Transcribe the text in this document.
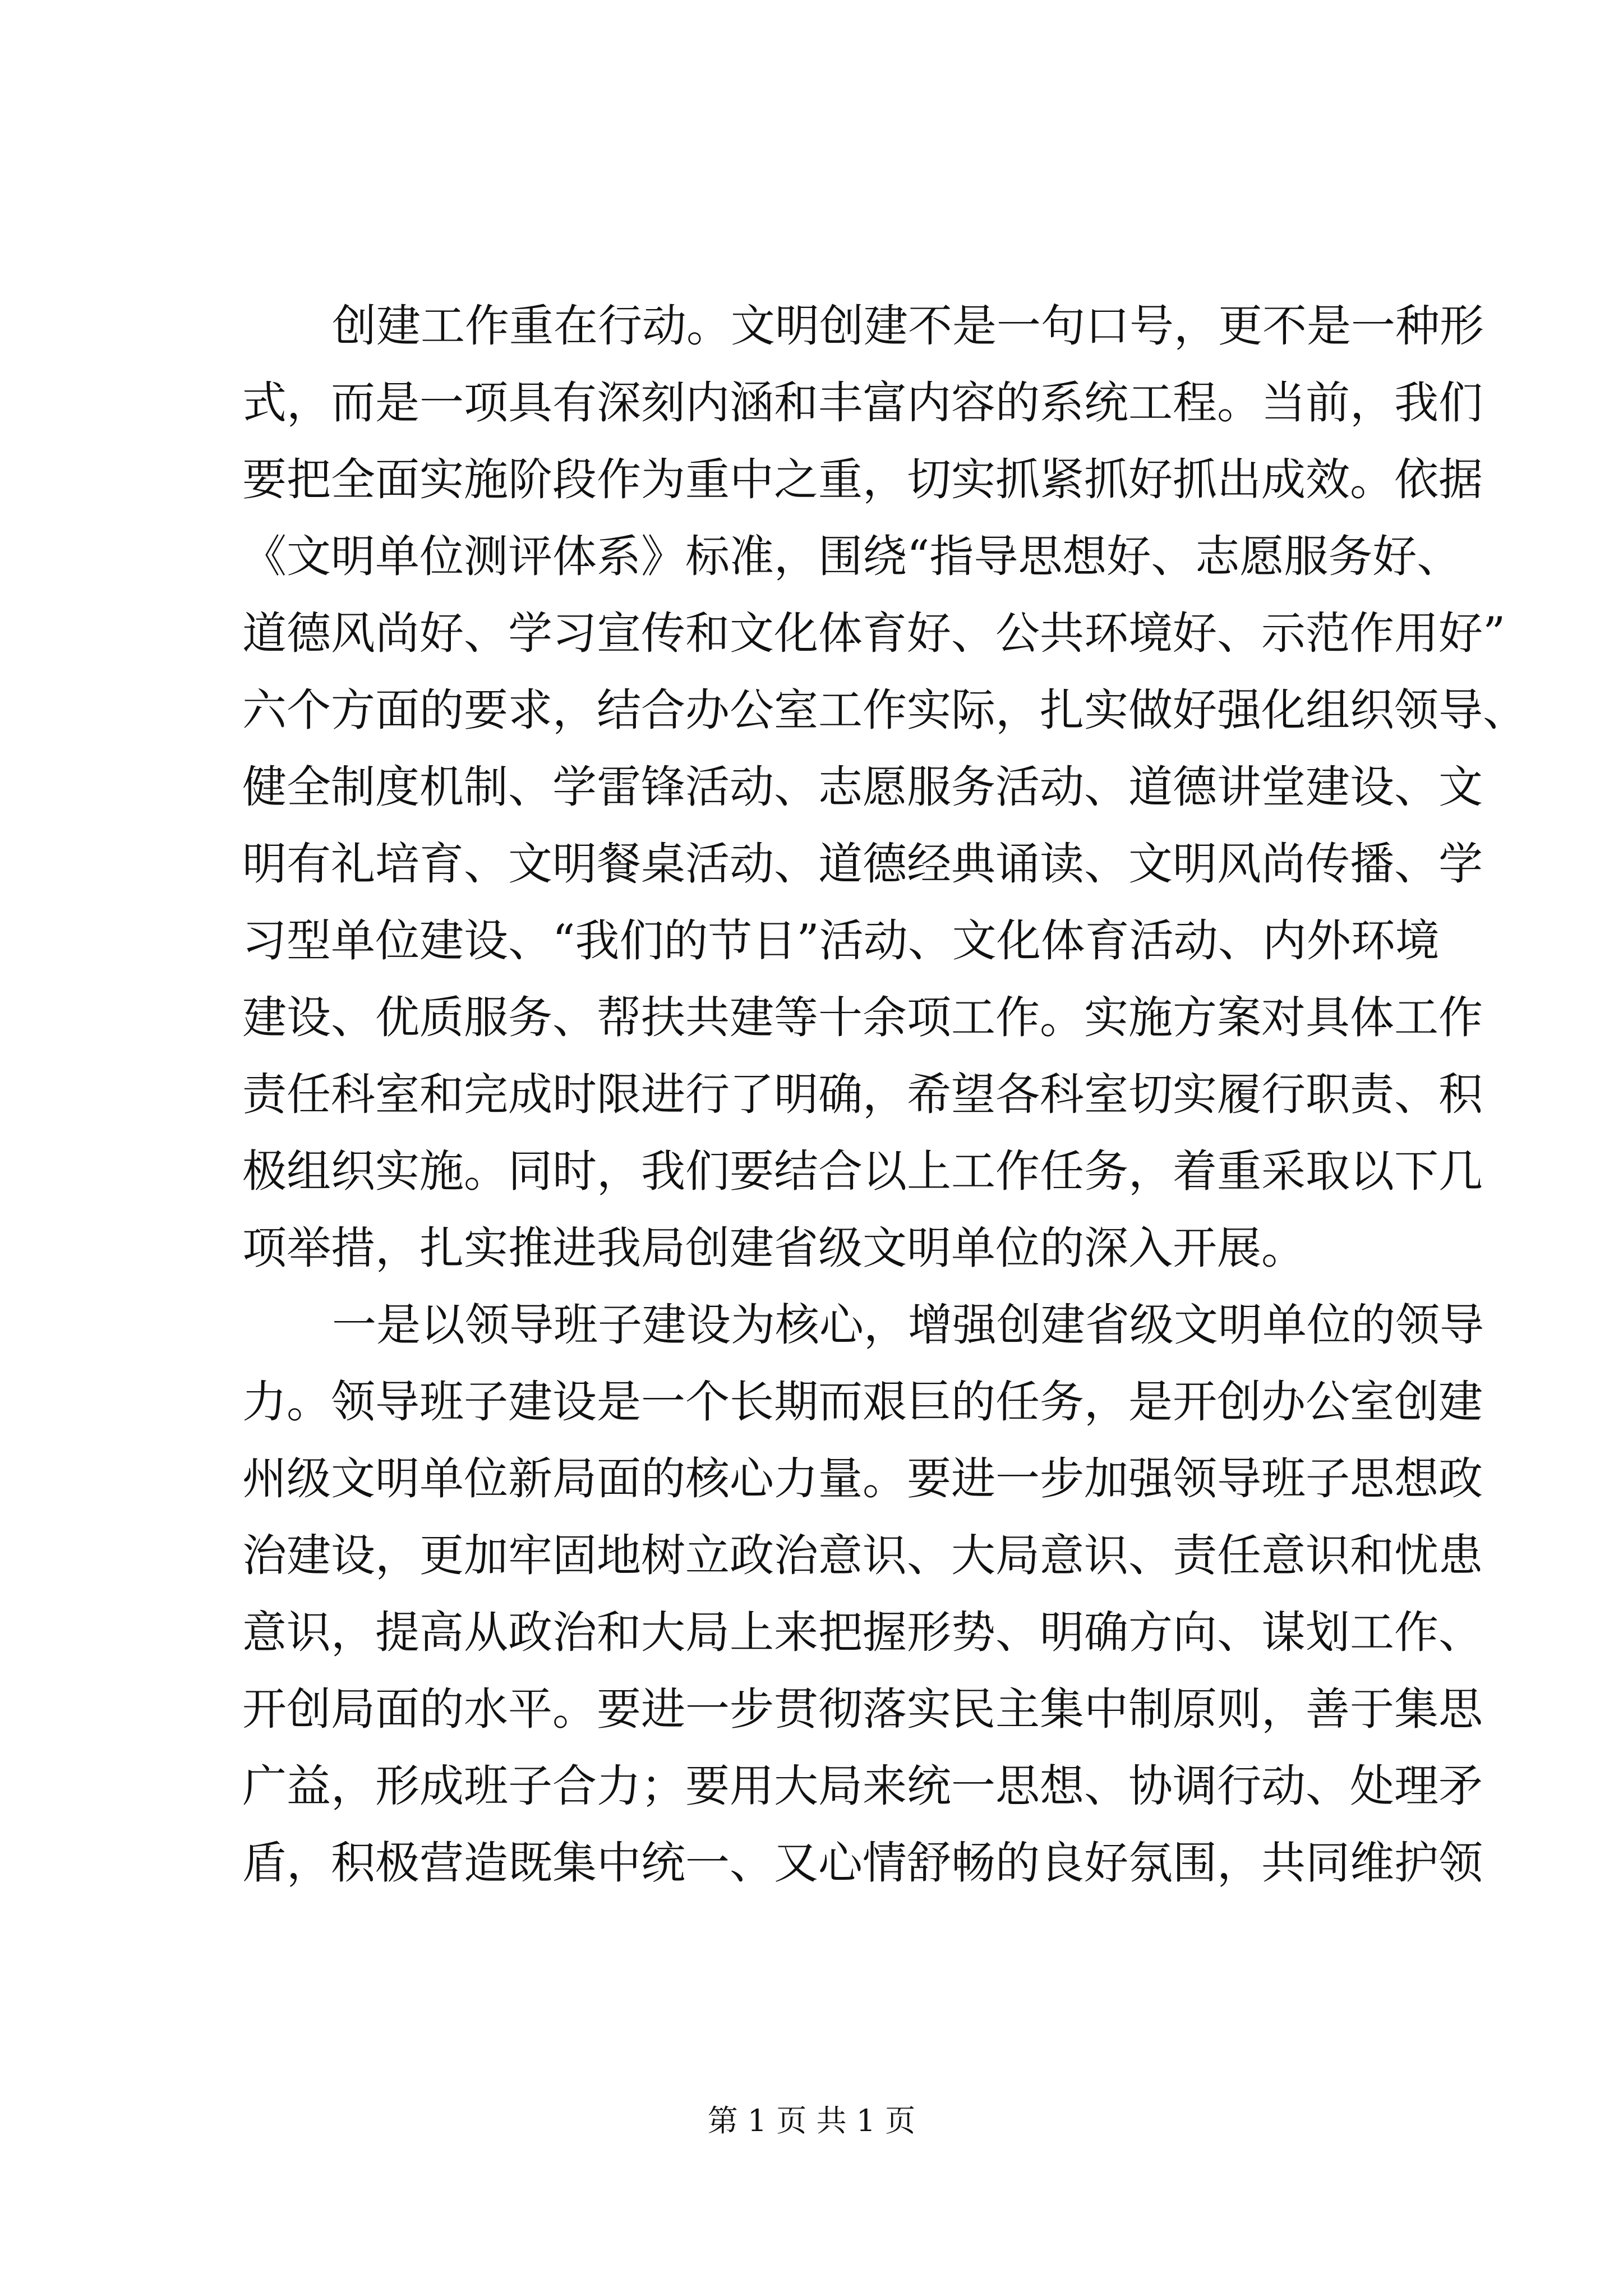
创建工作重在行动。文明创建不是一句口号，更不是一种形
式，而是一项具有深刻内涵和丰富内容的系统工程。当前，我们
要把全面实施阶段作为重中之重，切实抓紧抓好抓出成效。依据
《文明单位测评体系》标准，围绕“指导思想好、志愿服务好、
道德风尚好、学习宣传和文化体育好、公共环境好、示范作用好”
六个方面的要求，结合办公室工作实际，扎实做好强化组织领导、
健全制度机制、学雷锋活动、志愿服务活动、道德讲堂建设、文
明有礼培育、文明餐桌活动、道德经典诵读、文明风尚传播、学
习型单位建设、“我们的节日”活动、文化体育活动、内外环境
建设、优质服务、帮扶共建等十余项工作。实施方案对具体工作
责任科室和完成时限进行了明确，希望各科室切实履行职责、积
极组织实施。同时，我们要结合以上工作任务，着重采取以下几
项举措，扎实推进我局创建省级文明单位的深入开展。
一是以领导班子建设为核心，增强创建省级文明单位的领导
力。领导班子建设是一个长期而艰巨的任务，是开创办公室创建
州级文明单位新局面的核心力量。要进一步加强领导班子思想政
治建设，更加牢固地树立政治意识、大局意识、责任意识和忧患
意识，提高从政治和大局上来把握形势、明确方向、谋划工作、
开创局面的水平。要进一步贯彻落实民主集中制原则，善于集思
广益，形成班子合力；要用大局来统一思想、协调行动、处理矛
盾，积极营造既集中统一、又心情舒畅的良好氛围，共同维护领
第 1 页 共 1 页
